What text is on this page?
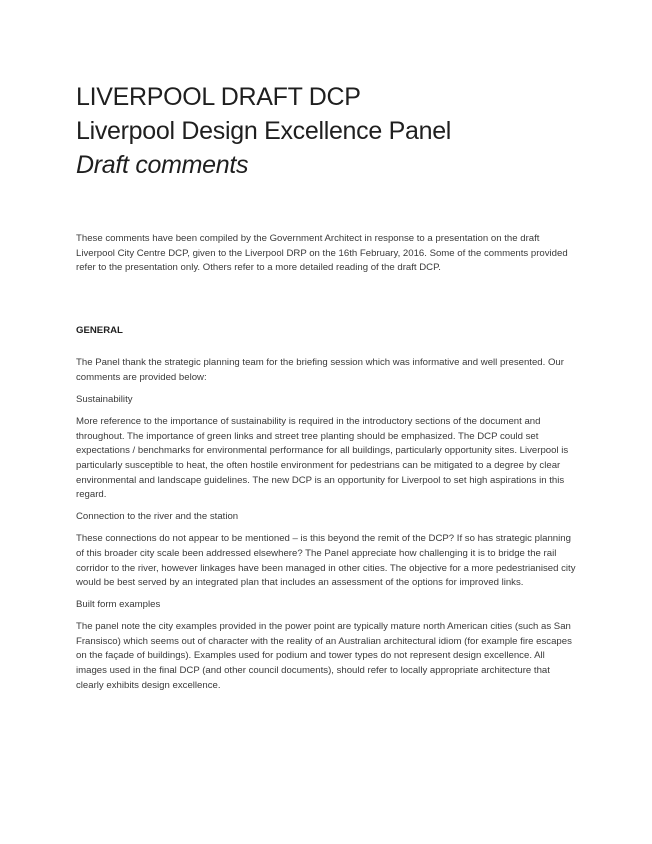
LIVERPOOL DRAFT DCP
Liverpool Design Excellence Panel
Draft comments

These comments have been compiled by the Government Architect in response to a presentation on the draft Liverpool City Centre DCP, given to the Liverpool DRP on the 16th February, 2016. Some of the comments provided refer to the presentation only. Others refer to a more detailed reading of the draft DCP.

GENERAL

The Panel thank the strategic planning team for the briefing session which was informative and well presented. Our comments are provided below:

Sustainability

More reference to the importance of sustainability is required in the introductory sections of the document and throughout. The importance of green links and street tree planting should be emphasized. The DCP could set expectations / benchmarks for environmental performance for all buildings, particularly opportunity sites. Liverpool is particularly susceptible to heat, the often hostile environment for pedestrians can be mitigated to a degree by clear environmental and landscape guidelines. The new DCP is an opportunity for Liverpool to set high aspirations in this regard.

Connection to the river and the station

These connections do not appear to be mentioned – is this beyond the remit of the DCP? If so has strategic planning of this broader city scale been addressed elsewhere? The Panel appreciate how challenging it is to bridge the rail corridor to the river, however linkages have been managed in other cities. The objective for a more pedestrianised city would be best served by an integrated plan that includes an assessment of the options for improved links.

Built form examples

The panel note the city examples provided in the power point are typically mature north American cities (such as San Fransisco) which seems out of character with the reality of an Australian architectural idiom (for example fire escapes on the façade of buildings). Examples used for podium and tower types do not represent design excellence. All images used in the final DCP (and other council documents), should refer to locally appropriate architecture that clearly exhibits design excellence.
